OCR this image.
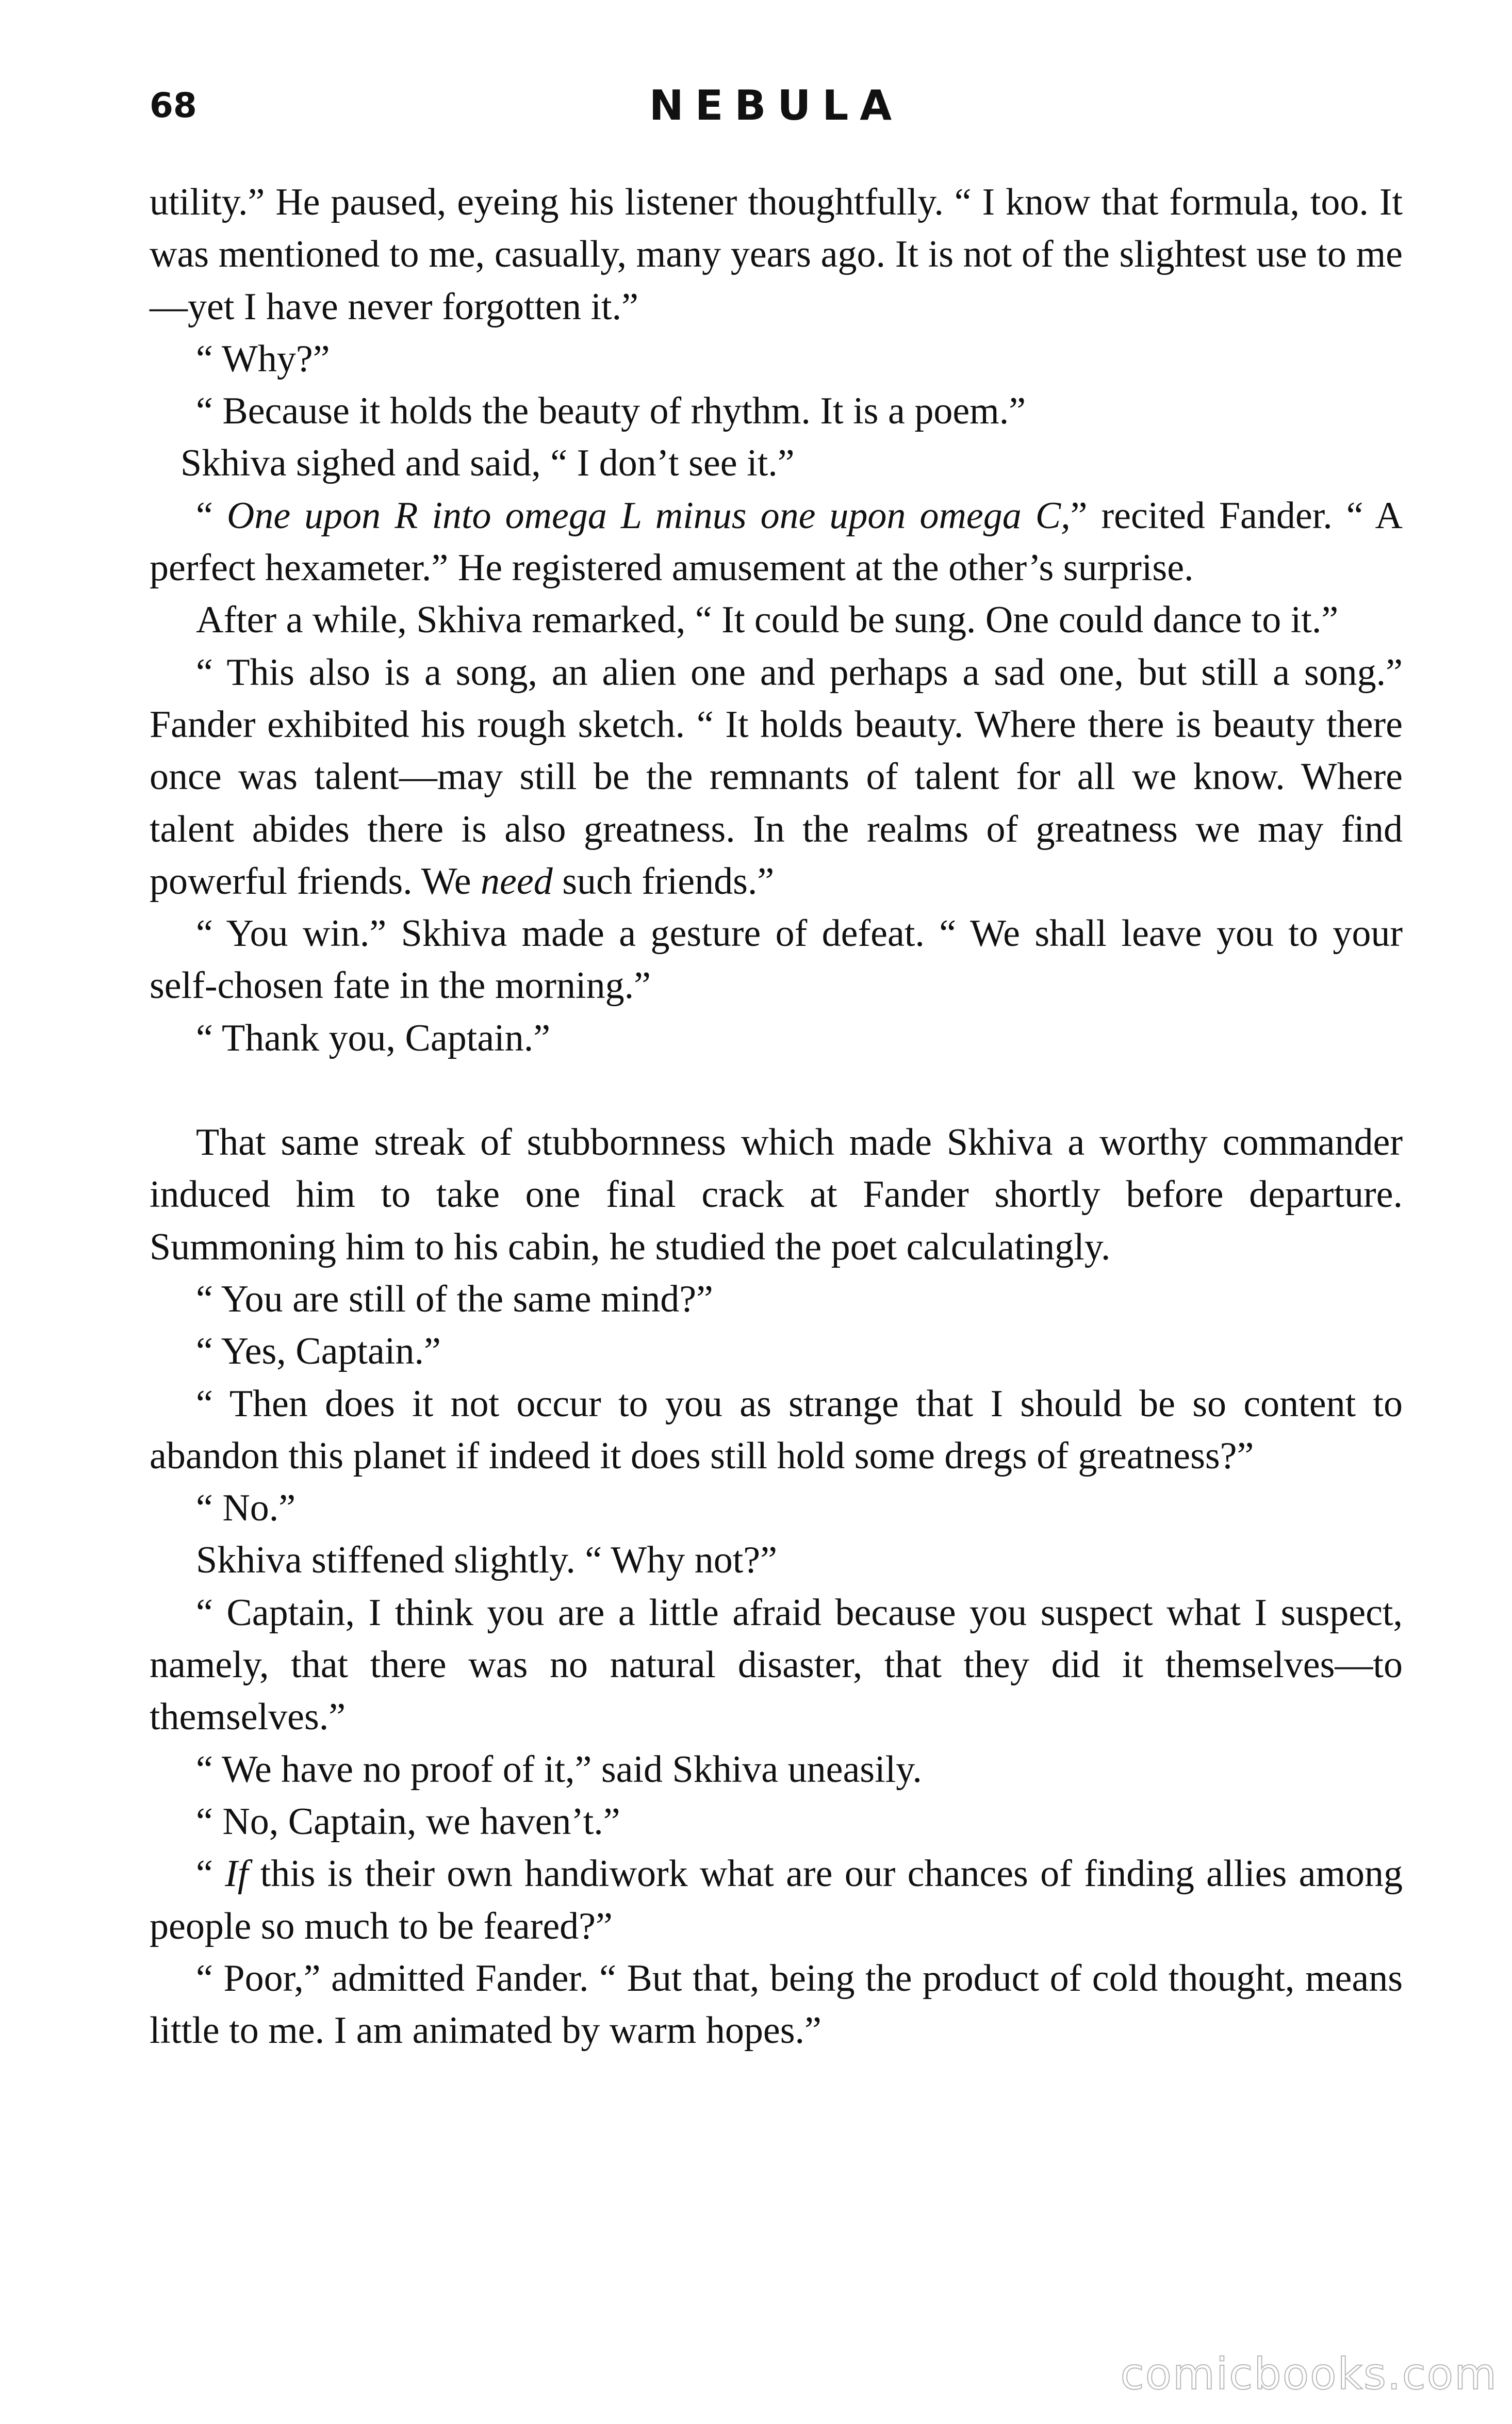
68	NEBULA

utility.” He paused, eyeing his listener thoughtfully. “ I know that formula, too. It was mentioned to me, casually, many years ago. It is not of the slightest use to me—yet I have never forgotten it.”

“ Why?”

“ Because it holds the beauty of rhythm. It is a poem.”

Skhiva sighed and said, “ I don’t see it.”

“ One upon R into omega L minus one upon omega C,” recited Fander. “ A perfect hexameter.” He registered amusement at the other’s surprise.

After a while, Skhiva remarked, “ It could be sung. One could dance to it.”

“ This also is a song, an alien one and perhaps a sad one, but still a song.” Fander exhibited his rough sketch. “ It holds beauty. Where there is beauty there once was talent—may still be the remnants of talent for all we know. Where talent abides there is also greatness. In the realms of greatness we may find powerful friends. We need such friends.”

“ You win.” Skhiva made a gesture of defeat. “ We shall leave you to your self-chosen fate in the morning.”

“ Thank you, Captain.”

That same streak of stubbornness which made Skhiva a worthy commander induced him to take one final crack at Fander shortly before departure. Summoning him to his cabin, he studied the poet calculatingly.

“ You are still of the same mind?”

“ Yes, Captain.”

“ Then does it not occur to you as strange that I should be so content to abandon this planet if indeed it does still hold some dregs of greatness?”

“ No.”

Skhiva stiffened slightly. “ Why not?”

“ Captain, I think you are a little afraid because you suspect what I suspect, namely, that there was no natural disaster, that they did it themselves—to themselves.”

“ We have no proof of it,” said Skhiva uneasily.

“ No, Captain, we haven’t.”

“ If this is their own handiwork what are our chances of finding allies among people so much to be feared?”

“ Poor,” admitted Fander. “ But that, being the product of cold thought, means little to me. I am animated by warm hopes.”

comicbooks.com
